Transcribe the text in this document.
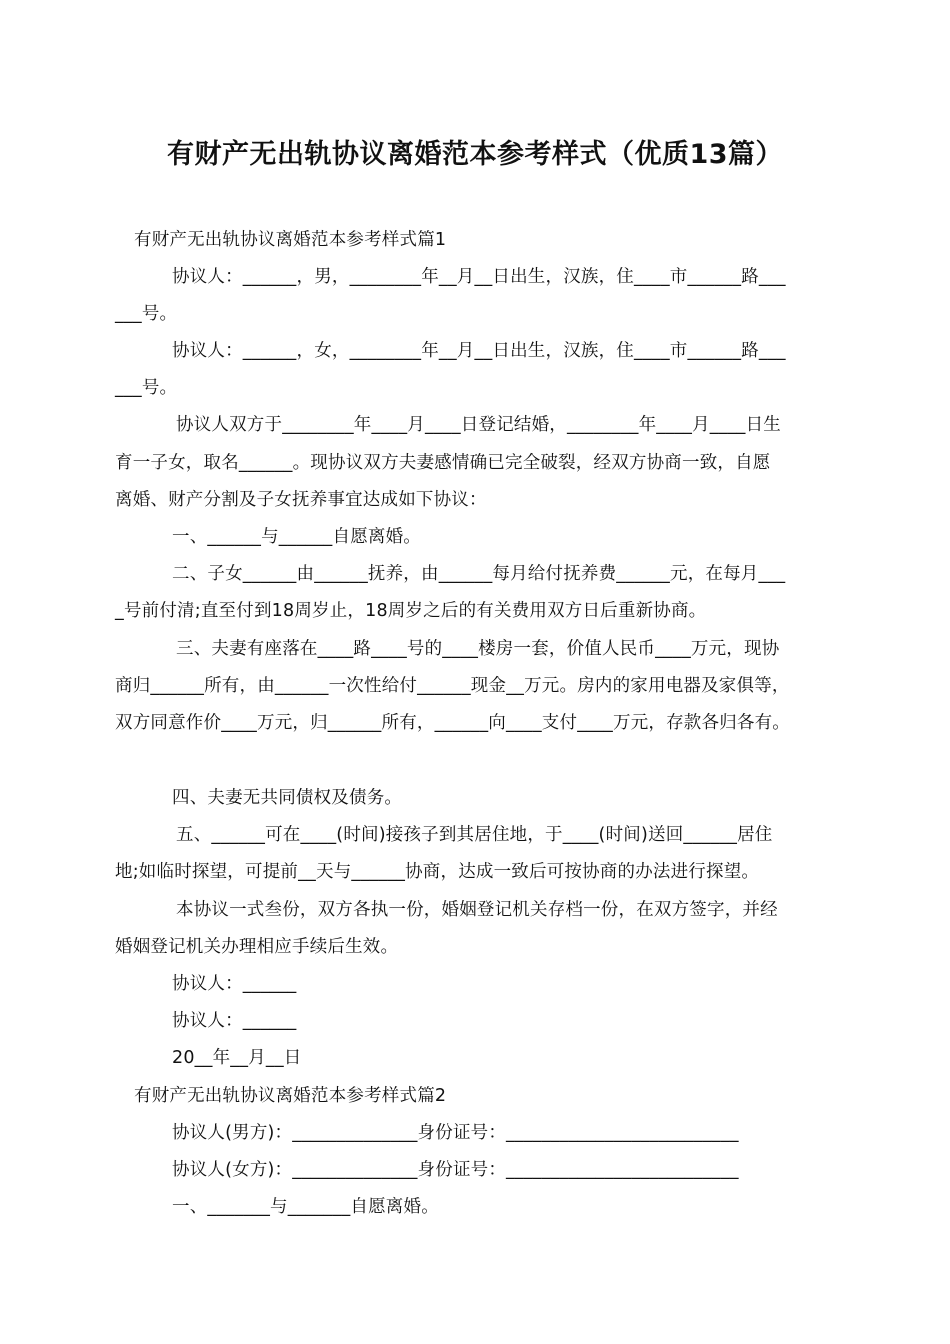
有财产无出轨协议离婚范本参考样式（优质13篇）
有财产无出轨协议离婚范本参考样式篇1
协议人：______，男，________年__月__日出生，汉族，住____市______路___
___号。
协议人：______，女，________年__月__日出生，汉族，住____市______路___
___号。
协议人双方于________年____月____日登记结婚，________年____月____日生
育一子女，取名______。现协议双方夫妻感情确已完全破裂，经双方协商一致，自愿
离婚、财产分割及子女抚养事宜达成如下协议：
一、______与______自愿离婚。
二、子女______由______抚养，由______每月给付抚养费______元，在每月___
_号前付清;直至付到18周岁止，18周岁之后的有关费用双方日后重新协商。
三、夫妻有座落在____路____号的____楼房一套，价值人民币____万元，现协
商归______所有，由______一次性给付______现金__万元。房内的家用电器及家俱等，
双方同意作价____万元，归______所有，______向____支付____万元，存款各归各有。
四、夫妻无共同债权及债务。
五、______可在____(时间)接孩子到其居住地，于____(时间)送回______居住
地;如临时探望，可提前__天与______协商，达成一致后可按协商的办法进行探望。
本协议一式叁份，双方各执一份，婚姻登记机关存档一份，在双方签字，并经
婚姻登记机关办理相应手续后生效。
协议人：______
协议人：______
20__年__月__日
有财产无出轨协议离婚范本参考样式篇2
协议人(男方)：______________身份证号：__________________________
协议人(女方)：______________身份证号：__________________________
一、_______与_______自愿离婚。
